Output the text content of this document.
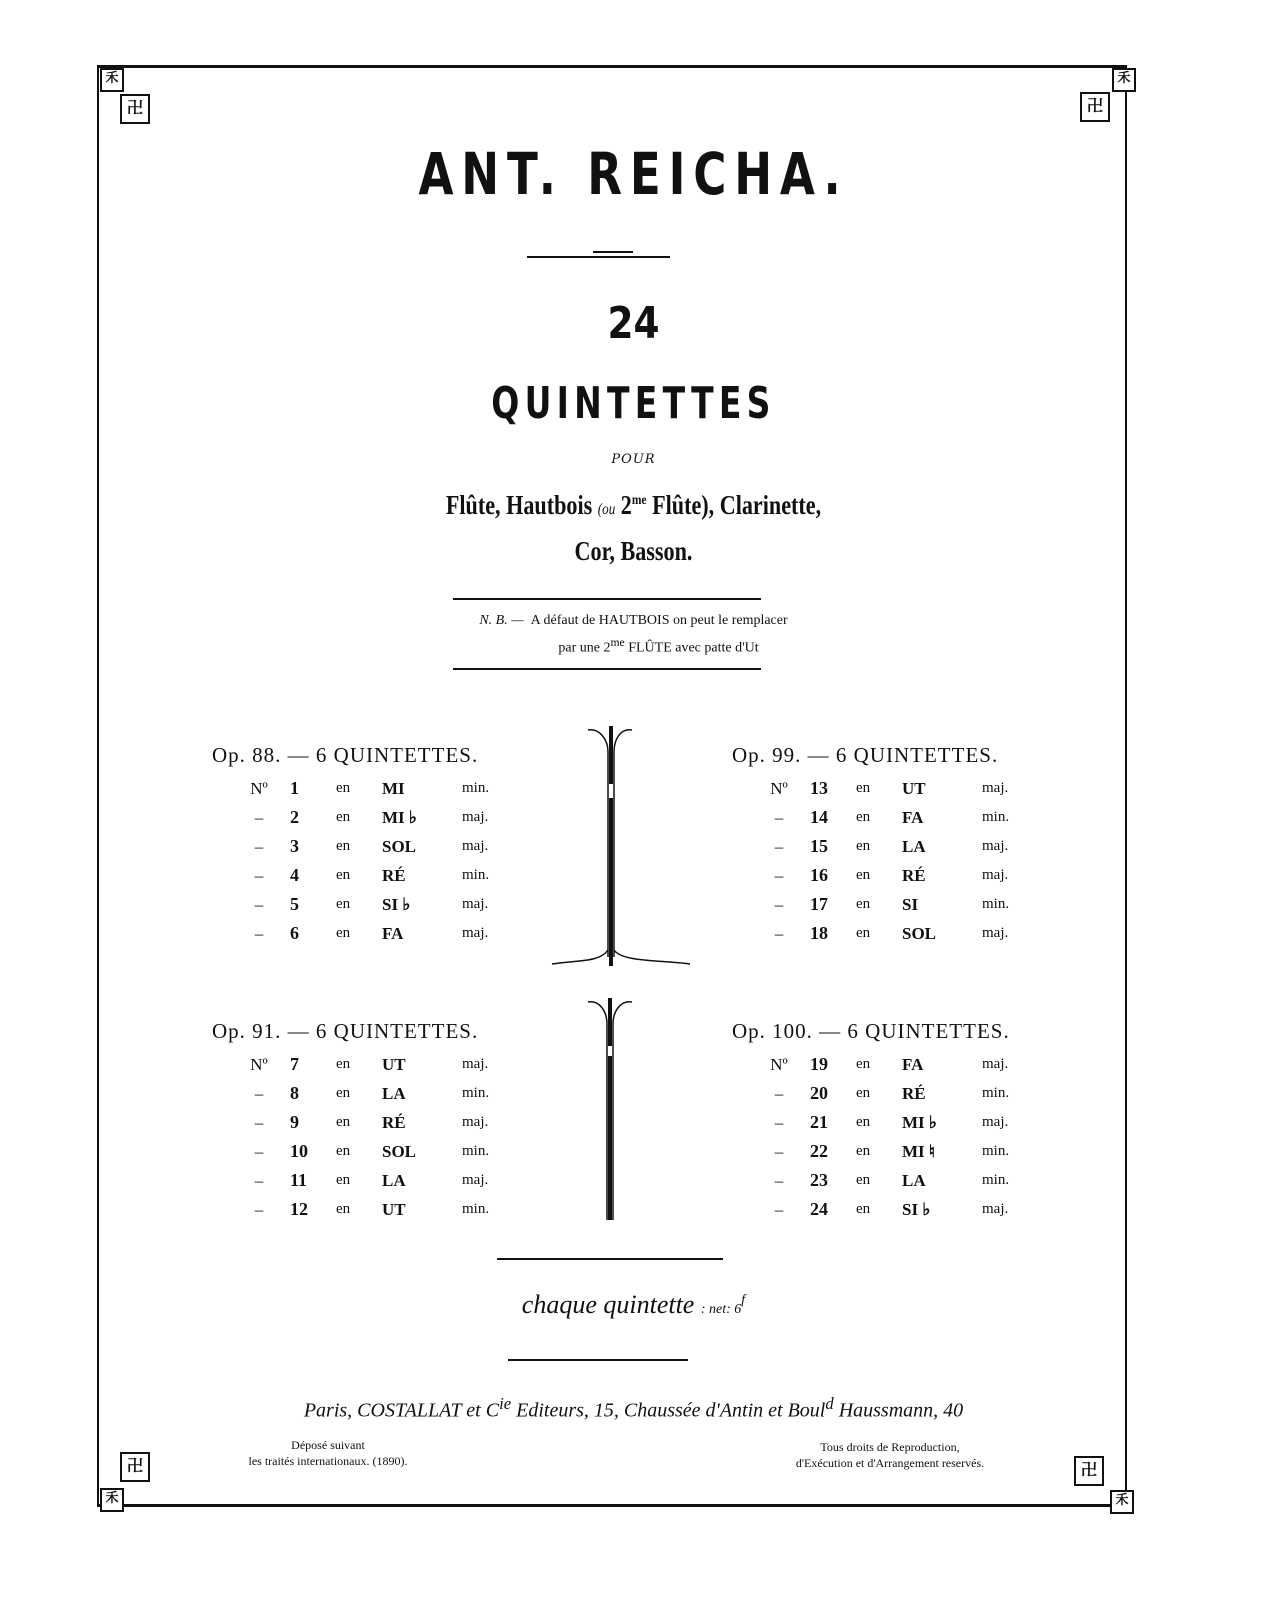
禾
卍
禾
卍
卍
禾
卍
禾
ANT. REICHA.
24
QUINTETTES
POUR
Flûte, Hautbois (ou $2^{me}$ Flûte), Clarinette,
Cor, Basson.
N. B. — A défaut de HAUTBOIS on peut le remplacer
par une $2^{me}$ FLÛTE avec patte d'Ut
Op. 88. — 6 QUINTETTES.
Nº	1	en	MI	min.
–	2	en	MI ♭	maj.
–	3	en	SOL	maj.
–	4	en	RÉ	min.
–	5	en	SI ♭	maj.
–	6	en	FA	maj.
Op. 99. — 6 QUINTETTES.
Nº	13	en	UT	maj.
–	14	en	FA	min.
–	15	en	LA	maj.
–	16	en	RÉ	maj.
–	17	en	SI	min.
–	18	en	SOL	maj.
Op. 91. — 6 QUINTETTES.
Nº	7	en	UT	maj.
–	8	en	LA	min.
–	9	en	RÉ	maj.
–	10	en	SOL	min.
–	11	en	LA	maj.
–	12	en	UT	min.
Op. 100. — 6 QUINTETTES.
Nº	19	en	FA	maj.
–	20	en	RÉ	min.
–	21	en	MI ♭	maj.
–	22	en	MI ♮	min.
–	23	en	LA	min.
–	24	en	SI ♭	maj.
chaque quintette : net: 6$^f$
Paris, COSTALLAT et $C^{ie}$ Editeurs, 15, Chaussée d'Antin et Boul$^d$ Haussmann, 40
Déposé suivant
les traités internationaux. (1890).
Tous droits de Reproduction,
d'Exécution et d'Arrangement reservés.
